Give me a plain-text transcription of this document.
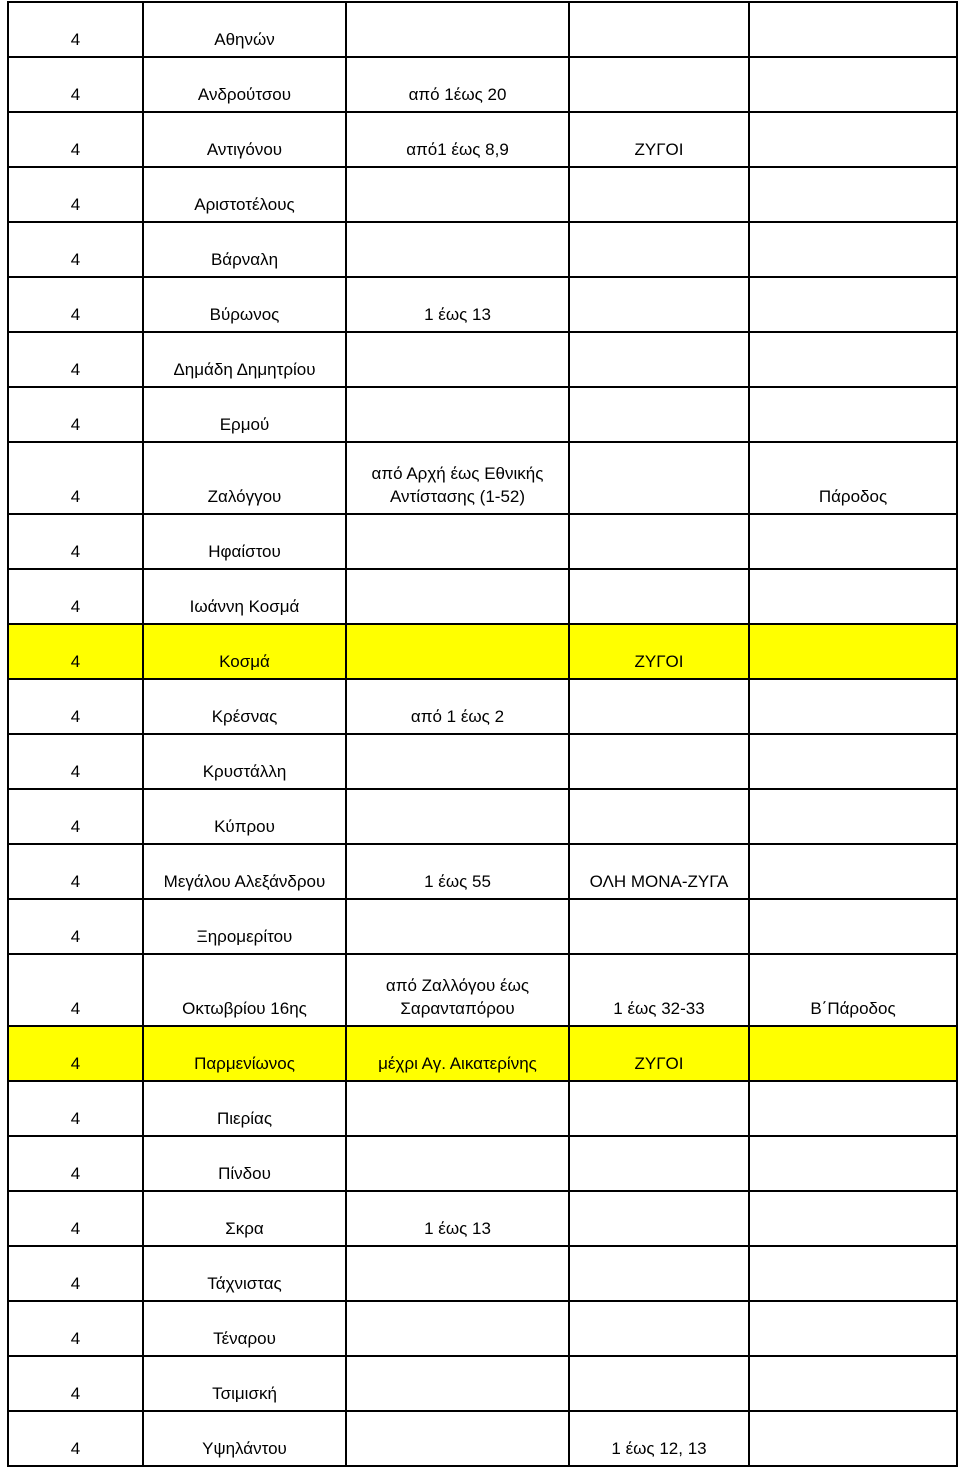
4	Αθηνών			
4	Ανδρούτσου	από 1έως 20		
4	Αντιγόνου	από1 έως 8,9	ΖΥΓΟΙ	
4	Αριστοτέλους			
4	Βάρναλη			
4	Βύρωνος	1 έως 13		
4	Δημάδη Δημητρίου			
4	Ερμού			
4	Ζαλόγγου	από Αρχή έως Εθνικής Αντίστασης (1-52)		Πάροδος
4	Ηφαίστου			
4	Ιωάννη Κοσμά			
4	Κοσμά		ΖΥΓΟΙ	
4	Κρέσνας	από 1 έως 2		
4	Κρυστάλλη			
4	Κύπρου			
4	Μεγάλου Αλεξάνδρου	1 έως 55	ΟΛΗ ΜΟΝΑ-ΖΥΓΑ	
4	Ξηρομερίτου			
4	Οκτωβρίου 16ης	από Ζαλλόγου έως Σαρανταπόρου	1 έως 32-33	Β΄Πάροδος
4	Παρμενίωνος	μέχρι Αγ. Αικατερίνης	ΖΥΓΟΙ	
4	Πιερίας			
4	Πίνδου			
4	Σκρα	1 έως 13		
4	Τάχνιστας			
4	Τέναρου			
4	Τσιμισκή			
4	Υψηλάντου		1 έως 12, 13	
